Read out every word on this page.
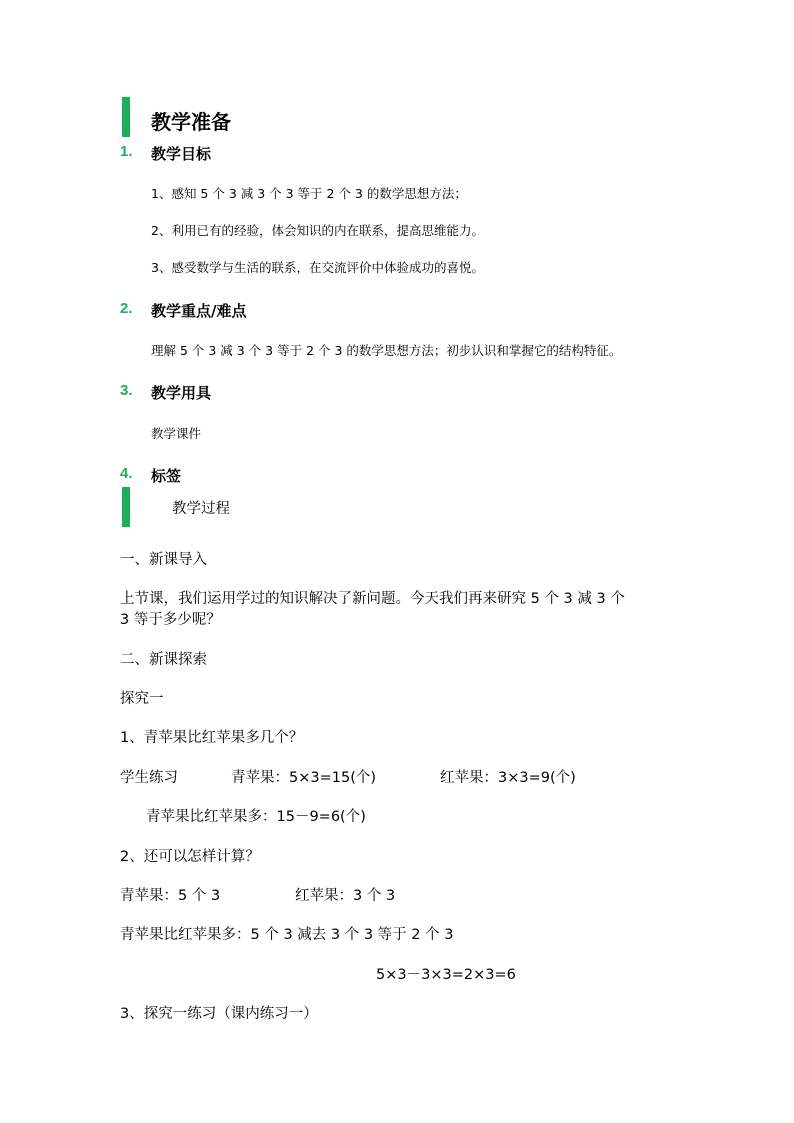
教学准备
1. 教学目标
1、感知 5 个 3 减 3 个 3 等于 2 个 3 的数学思想方法；
2、利用已有的经验，体会知识的内在联系，提高思维能力。
3、感受数学与生活的联系，在交流评价中体验成功的喜悦。
2. 教学重点/难点
理解 5 个 3 减 3 个 3 等于 2 个 3 的数学思想方法；初步认识和掌握它的结构特征。
3. 教学用具
教学课件
4. 标签
教学过程
一、新课导入
上节课，我们运用学过的知识解决了新问题。今天我们再来研究 5 个 3 减 3 个
3 等于多少呢？
二、新课探索
探究一
1、青苹果比红苹果多几个？
学生练习	青苹果：5×3=15(个)	红苹果：3×3=9(个)
青苹果比红苹果多：15－9=6(个)
2、还可以怎样计算？
青苹果：5 个 3	红苹果：3 个 3
青苹果比红苹果多：5 个 3 减去 3 个 3 等于 2 个 3
5×3－3×3=2×3=6
3、探究一练习（课内练习一）
